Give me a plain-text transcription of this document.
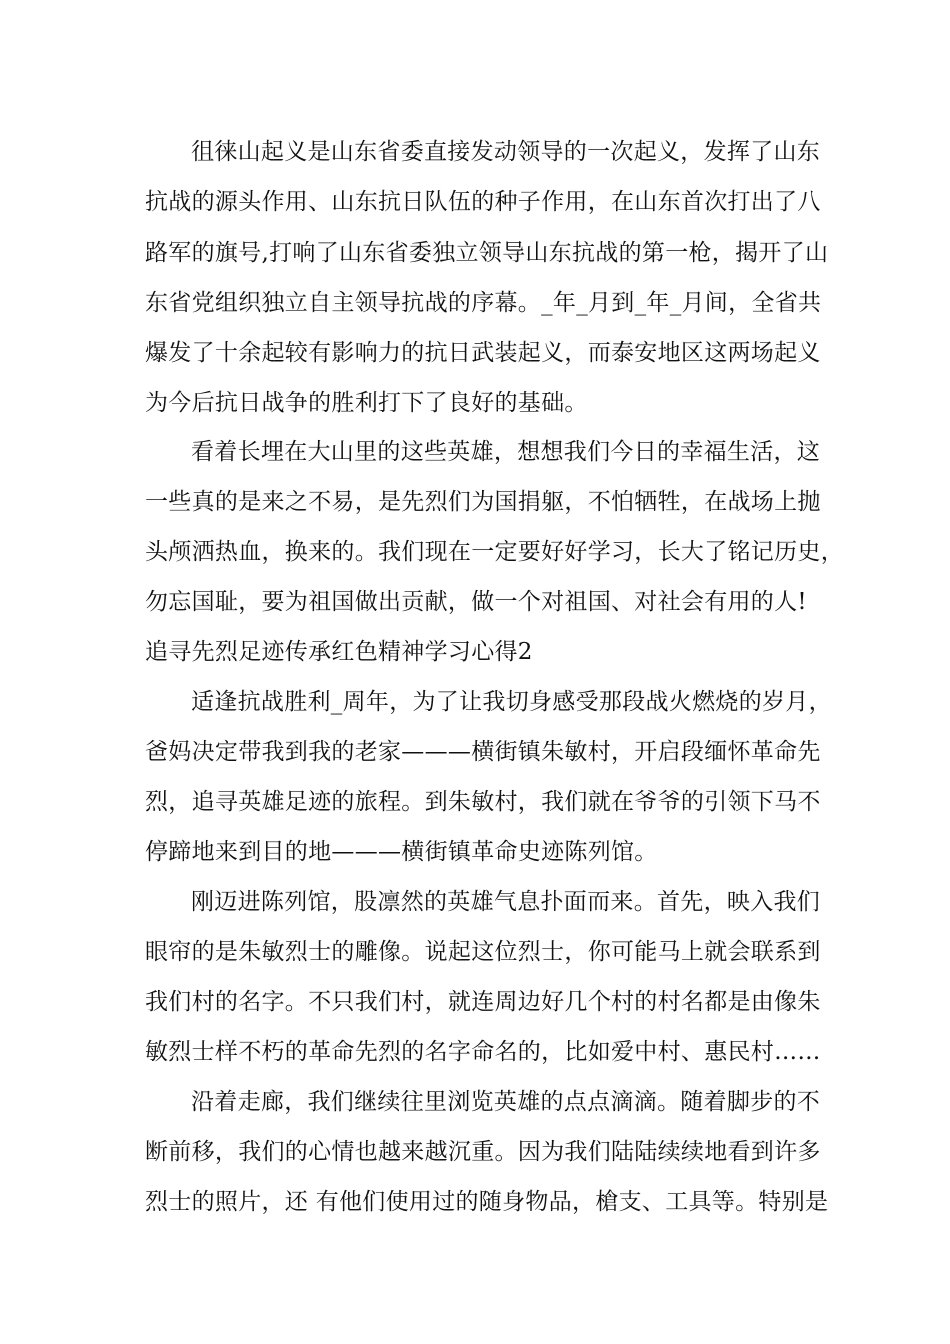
徂徕山起义是山东省委直接发动领导的一次起义，发挥了山东
抗战的源头作用、山东抗日队伍的种子作用，在山东首次打出了八
路军的旗号,打响了山东省委独立领导山东抗战的第一枪，揭开了山
东省党组织独立自主领导抗战的序幕。_年_月到_年_月间，全省共
爆发了十余起较有影响力的抗日武装起义，而泰安地区这两场起义
为今后抗日战争的胜利打下了良好的基础。
看着长埋在大山里的这些英雄，想想我们今日的幸福生活，这
一些真的是来之不易，是先烈们为国捐躯，不怕牺牲，在战场上抛
头颅洒热血，换来的。我们现在一定要好好学习，长大了铭记历史，
勿忘国耻，要为祖国做出贡献，做一个对祖国、对社会有用的人!
追寻先烈足迹传承红色精神学习心得2
适逢抗战胜利_周年，为了让我切身感受那段战火燃烧的岁月，
爸妈决定带我到我的老家———横街镇朱敏村，开启段缅怀革命先
烈，追寻英雄足迹的旅程。到朱敏村，我们就在爷爷的引领下马不
停蹄地来到目的地———横街镇革命史迹陈列馆。
刚迈进陈列馆，股凛然的英雄气息扑面而来。首先，映入我们
眼帘的是朱敏烈士的雕像。说起这位烈士，你可能马上就会联系到
我们村的名字。不只我们村，就连周边好几个村的村名都是由像朱
敏烈士样不朽的革命先烈的名字命名的，比如爱中村、惠民村……
沿着走廊，我们继续往里浏览英雄的点点滴滴。随着脚步的不
断前移，我们的心情也越来越沉重。因为我们陆陆续续地看到许多
烈士的照片，还 有他们使用过的随身物品，槍支、工具等。特别是
